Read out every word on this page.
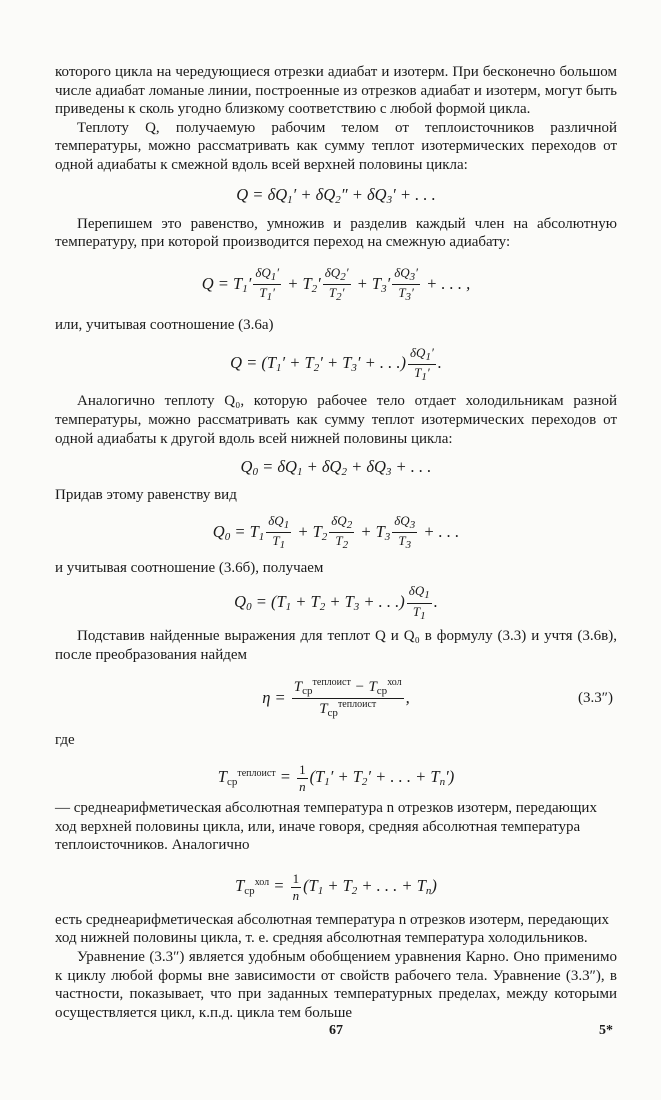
которого цикла на чередующиеся отрезки адиабат и изотерм. При бесконечно большом числе адиабат ломаные линии, построенные из отрезков адиабат и изотерм, могут быть приведены к сколь угодно близкому соответствию с любой формой цикла.

Теплоту Q, получаемую рабочим телом от теплоисточников различной температуры, можно рассматривать как сумму теплот изотермических переходов от одной адиабаты к смежной вдоль всей верхней половины цикла:

$Q = \delta Q_1' + \delta Q_2'' + \delta Q_3'$ + . . .

Перепишем это равенство, умножив и разделив каждый член на абсолютную температуру, при которой производится переход на смежную адиабату:

$Q = T_1' \frac{\delta Q_1'}{T_1'} + T_2' \frac{\delta Q_2'}{T_2'} + T_3' \frac{\delta Q_3'}{T_3'}$ + . . . ,

или, учитывая соотношение (3.6а)

$Q = (T_1' + T_2' + T_3'$ + . . .) $\frac{\delta Q_1'}{T_1'}$ .

Аналогично теплоту Q₀, которую рабочее тело отдает холодильникам разной температуры, можно рассматривать как сумму теплот изотермических переходов от одной адиабаты к другой вдоль всей нижней половины цикла:

$Q_0 = \delta Q_1 + \delta Q_2 + \delta Q_3$ + . . .

Придав этому равенству вид

$Q_0 = T_1 \frac{\delta Q_1}{T_1} + T_2 \frac{\delta Q_2}{T_2} + T_3 \frac{\delta Q_3}{T_3}$ + . . .

и учитывая соотношение (3.6б), получаем

$Q_0 = (T_1 + T_2 + T_3$ + . . .) $\frac{\delta Q_1}{T_1}$ .

Подставив найденные выражения для теплот Q и Q₀ в формулу (3.3) и учтя (3.6в), после преобразования найдем

$\eta = \frac{T_{ср}^{теплоист} - T_{ср}^{хол}}{T_{ср}^{теплоист}}$ ,	(3.3″)

где

$T_{ср}^{теплоист} = \frac{1}{n} (T_1' + T_2'$ + . . . + $T_n'$)

— среднеарифметическая абсолютная температура n отрезков изотерм, передающих ход верхней половины цикла, или, иначе говоря, средняя абсолютная температура теплоисточников. Аналогично

$T_{ср}^{хол} = \frac{1}{n} (T_1 + T_2$ + . . . + $T_n$)

есть среднеарифметическая абсолютная температура n отрезков изотерм, передающих ход нижней половины цикла, т. е. средняя абсолютная температура холодильников.

Уравнение (3.3″) является удобным обобщением уравнения Карно. Оно применимо к циклу любой формы вне зависимости от свойств рабочего тела. Уравнение (3.3″), в частности, показывает, что при заданных температурных пределах, между которыми осуществляется цикл, к.п.д. цикла тем больше

67	5*
